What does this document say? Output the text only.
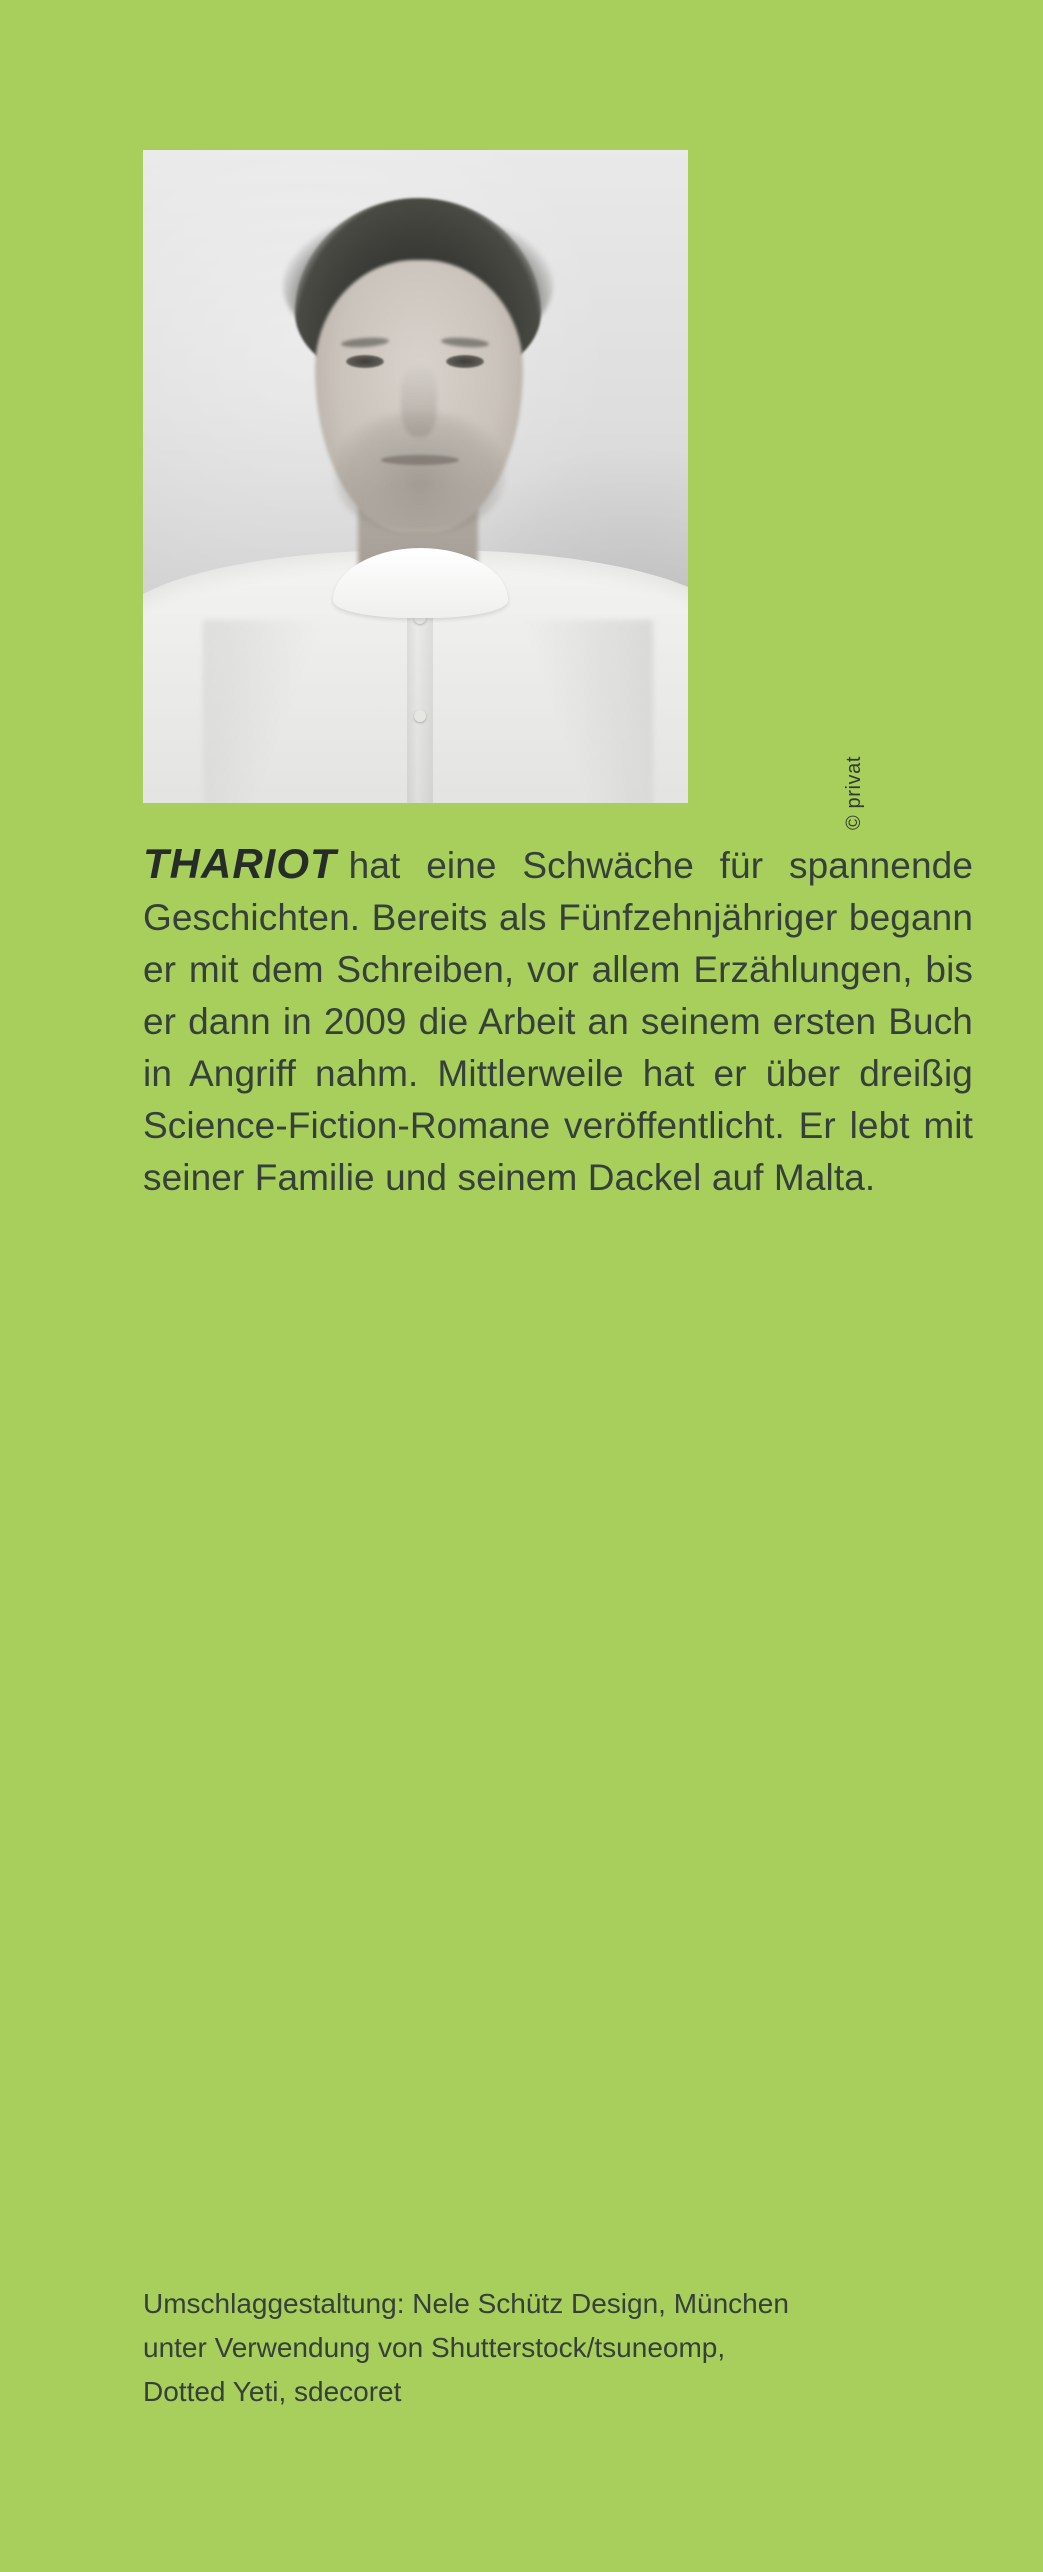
© privat
THARIOT hat eine Schwäche für spannende Geschichten. Bereits als Fünfzehnjähriger begann er mit dem Schreiben, vor allem Erzählungen, bis er dann in 2009 die Arbeit an seinem ersten Buch in Angriff nahm. Mittlerweile hat er über dreißig Science-Fiction-Romane veröffentlicht. Er lebt mit seiner Familie und seinem Dackel auf Malta.
Umschlaggestaltung: Nele Schütz Design, München
unter Verwendung von Shutterstock/tsuneomp,
Dotted Yeti, sdecoret
